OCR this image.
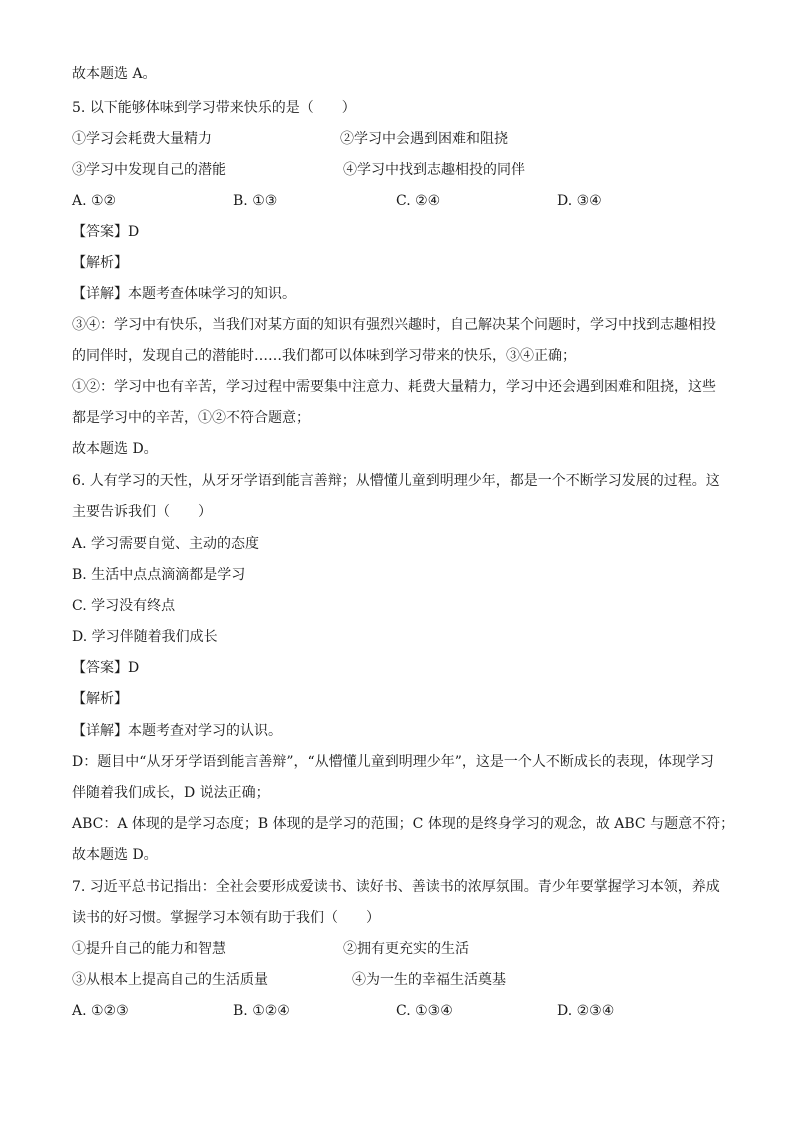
故本题选 A。
5. 以下能够体味到学习带来快乐的是（　　）
①学习会耗费大量精力	②学习中会遇到困难和阻挠
③学习中发现自己的潜能	④学习中找到志趣相投的同伴
A. ①②	B. ①③	C. ②④	D. ③④
【答案】D
【解析】
【详解】本题考查体味学习的知识。
③④：学习中有快乐，当我们对某方面的知识有强烈兴趣时，自己解决某个问题时，学习中找到志趣相投
的同伴时，发现自己的潜能时……我们都可以体味到学习带来的快乐，③④正确；
①②：学习中也有辛苦，学习过程中需要集中注意力、耗费大量精力，学习中还会遇到困难和阻挠，这些
都是学习中的辛苦，①②不符合题意；
故本题选 D。
6. 人有学习的天性，从牙牙学语到能言善辩；从懵懂儿童到明理少年，都是一个不断学习发展的过程。这
主要告诉我们（　　）
A. 学习需要自觉、主动的态度
B. 生活中点点滴滴都是学习
C. 学习没有终点
D. 学习伴随着我们成长
【答案】D
【解析】
【详解】本题考查对学习的认识。
D：题目中“从牙牙学语到能言善辩”，“从懵懂儿童到明理少年”，这是一个人不断成长的表现，体现学习
伴随着我们成长，D 说法正确；
ABC：A 体现的是学习态度；B 体现的是学习的范围；C 体现的是终身学习的观念，故 ABC 与题意不符；
故本题选 D。
7. 习近平总书记指出：全社会要形成爱读书、读好书、善读书的浓厚氛围。青少年要掌握学习本领，养成
读书的好习惯。掌握学习本领有助于我们（　　）
①提升自己的能力和智慧	②拥有更充实的生活
③从根本上提高自己的生活质量	④为一生的幸福生活奠基
A. ①②③	B. ①②④	C. ①③④	D. ②③④
